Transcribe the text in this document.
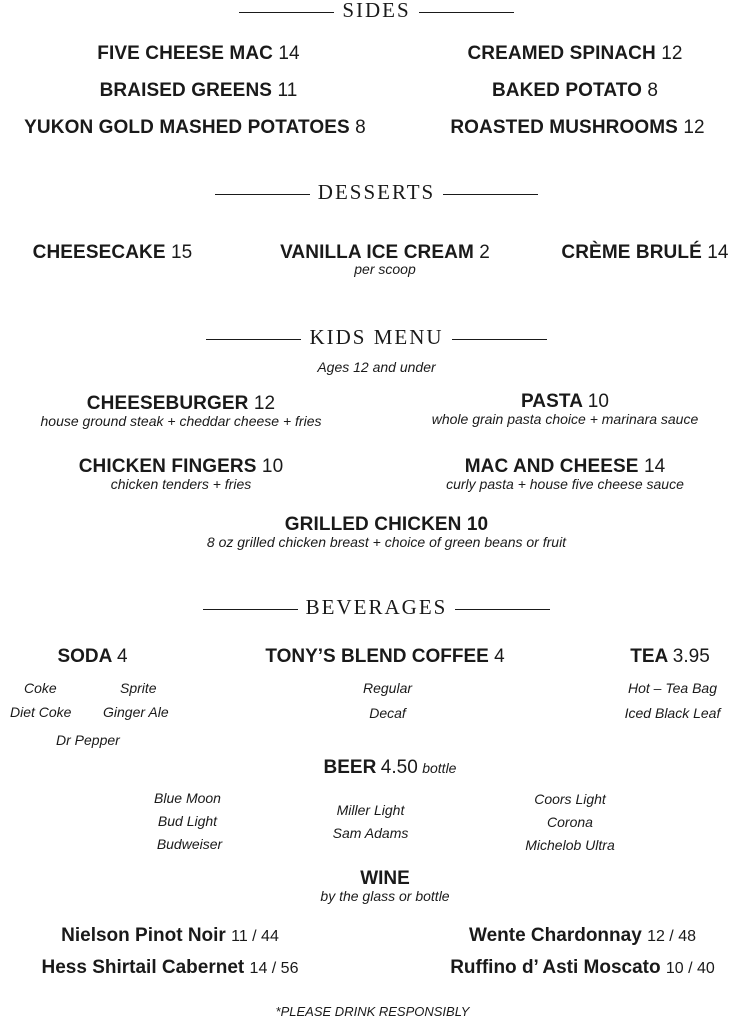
SIDES
FIVE CHEESE MAC 14
BRAISED GREENS 11
YUKON GOLD MASHED POTATOES 8
CREAMED SPINACH 12
BAKED POTATO 8
ROASTED MUSHROOMS 12
DESSERTS
CHEESECAKE 15	VANILLA ICE CREAM 2
per scoop
CRÈME BRULÉ 14
KIDS MENU
Ages 12 and under
CHEESEBURGER 12
house ground steak + cheddar cheese + fries
PASTA 10
whole grain pasta choice + marinara sauce
CHICKEN FINGERS 10
chicken tenders + fries
MAC AND CHEESE 14
curly pasta + house five cheese sauce
GRILLED CHICKEN 10
8 oz grilled chicken breast + choice of green beans or fruit
BEVERAGES
SODA 4
Coke	Sprite
Diet Coke Ginger Ale
Dr Pepper
TONY’S BLEND COFFEE 4
Regular
Decaf
TEA 3.95
Hot – Tea Bag
Iced Black Leaf
BEER 4.50 bottle
Blue Moon
Bud Light
Budweiser
Miller Light
Sam Adams
Coors Light
Corona
Michelob Ultra
WINE
by the glass or bottle
Nielson Pinot Noir 11 / 44
Hess Shirtail Cabernet 14 / 56
Wente Chardonnay 12 / 48
Ruffino d’ Asti Moscato 10 / 40
*PLEASE DRINK RESPONSIBLY
